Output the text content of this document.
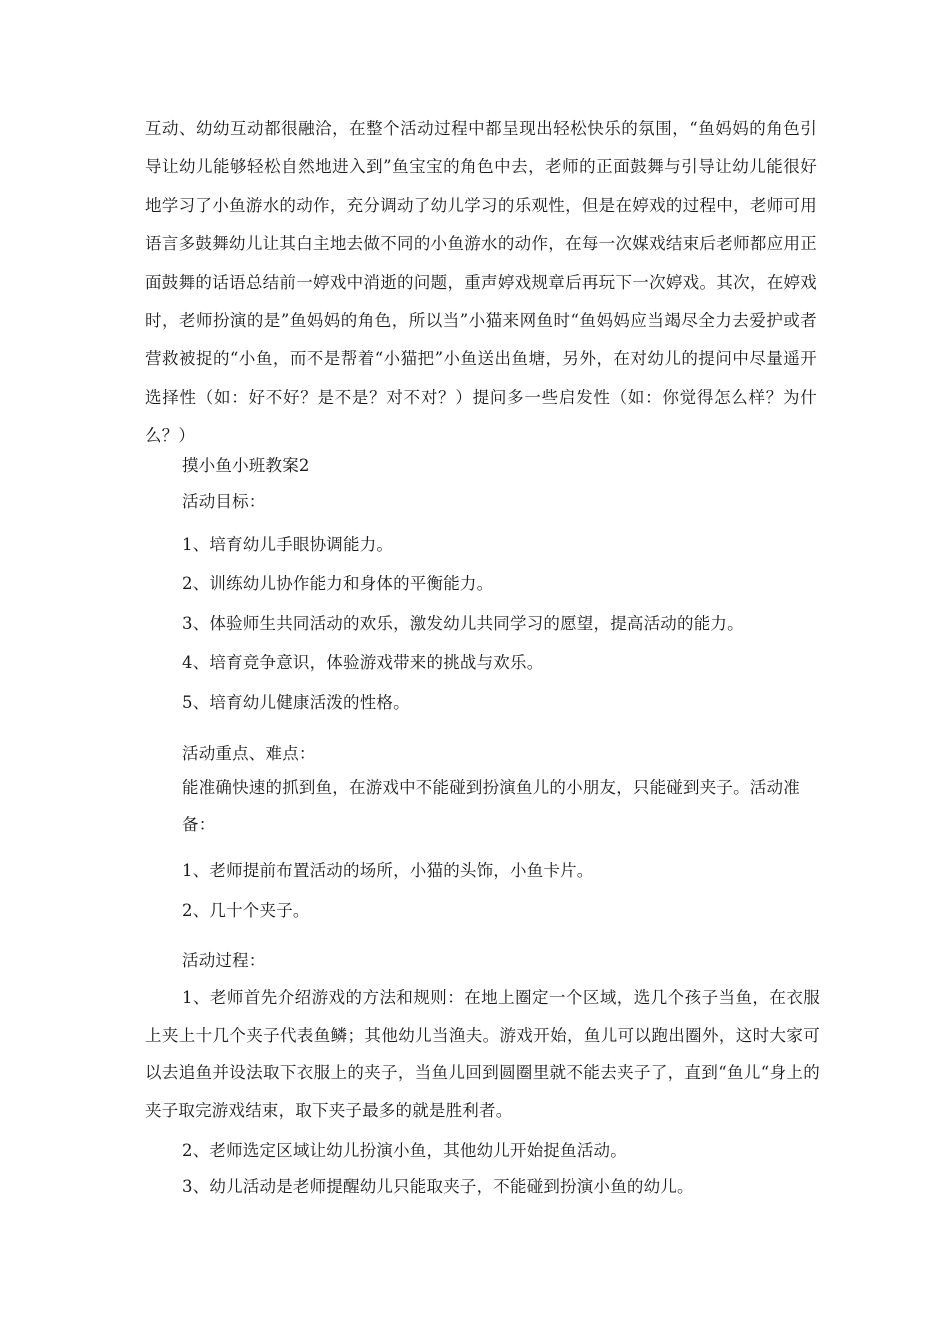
互动、幼幼互动都很融洽，在整个活动过程中都呈现出轻松快乐的氛围，“鱼妈妈的角色引导让幼儿能够轻松自然地进入到”鱼宝宝的角色中去，老师的正面鼓舞与引导让幼儿能很好地学习了小鱼游水的动作，充分调动了幼儿学习的乐观性，但是在婷戏的过程中，老师可用语言多鼓舞幼儿让其白主地去做不同的小鱼游水的动作，在每一次媒戏结束后老师都应用正面鼓舞的话语总结前一婷戏中消逝的问题，重声婷戏规章后再玩下一次婷戏。其次，在婷戏时，老师扮演的是”鱼妈妈的角色，所以当”小猫来网鱼时“鱼妈妈应当竭尽全力去爱护或者营救被捉的“小鱼，而不是帮着“小猫把”小鱼送出鱼塘，另外，在对幼儿的提问中尽量遥开选择性（如：好不好？是不是？对不对？）提问多一些启发性（如：你觉得怎么样？为什么？）

摸小鱼小班教案2

活动目标：

1、培育幼儿手眼协调能力。

2、训练幼儿协作能力和身体的平衡能力。

3、体验师生共同活动的欢乐，激发幼儿共同学习的愿望，提高活动的能力。

4、培育竞争意识，体验游戏带来的挑战与欢乐。

5、培育幼儿健康活泼的性格。

活动重点、难点：

能准确快速的抓到鱼，在游戏中不能碰到扮演鱼儿的小朋友，只能碰到夹子。活动准备：

1、老师提前布置活动的场所，小猫的头饰，小鱼卡片。

2、几十个夹子。

活动过程：

1、老师首先介绍游戏的方法和规则：在地上圈定一个区域，选几个孩子当鱼，在衣服上夹上十几个夹子代表鱼鳞；其他幼儿当渔夫。游戏开始，鱼儿可以跑出圈外，这时大家可以去追鱼并设法取下衣服上的夹子，当鱼儿回到圆圈里就不能去夹子了，直到“鱼儿“身上的夹子取完游戏结束，取下夹子最多的就是胜利者。

2、老师选定区域让幼儿扮演小鱼，其他幼儿开始捉鱼活动。

3、幼儿活动是老师提醒幼儿只能取夹子，不能碰到扮演小鱼的幼儿。
